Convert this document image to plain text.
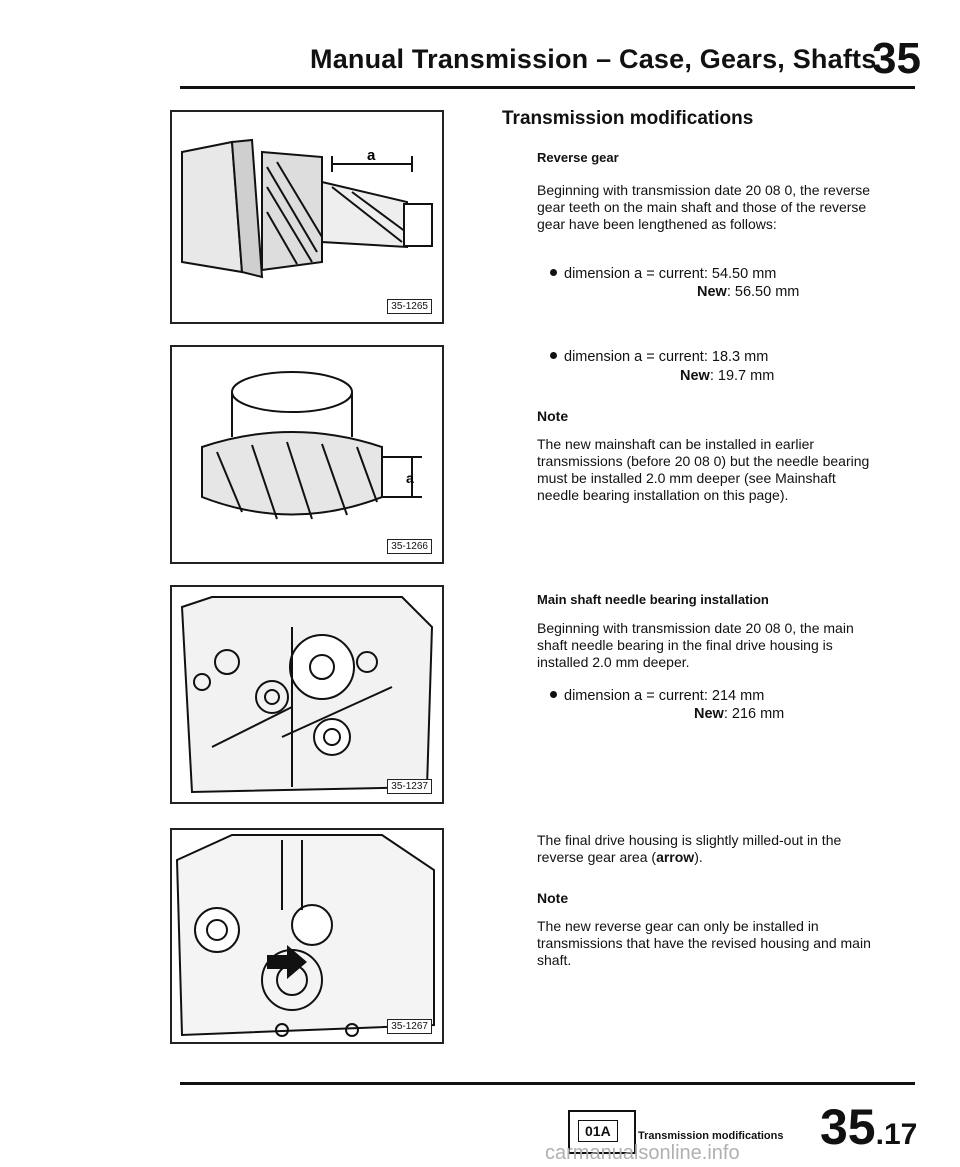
Manual Transmission – Case, Gears, Shafts
35
a
35-1265
a
35-1266
35-1237
35-1267
Transmission modifications
Reverse gear
Beginning with transmission date 20 08 0, the reverse gear teeth on the main shaft and those of the reverse gear have been lengthened as follows:
dimension a = current: 54.50 mm
New: 56.50 mm
dimension a = current: 18.3 mm
New: 19.7 mm
Note
The new mainshaft can be installed in earlier transmissions (before 20 08 0) but the needle bearing must be installed 2.0 mm deeper (see Mainshaft needle bearing installation on this page).
Main shaft needle bearing installation
Beginning with transmission date 20 08 0, the main shaft needle bearing in the final drive housing is installed 2.0 mm deeper.
dimension a = current: 214 mm
New: 216 mm
The final drive housing is slightly milled-out in the reverse gear area (arrow).
Note
The new reverse gear can only be installed in transmissions that have the revised housing and main shaft.
01A	Transmission modifications 35.17
carmanualsonline.info
